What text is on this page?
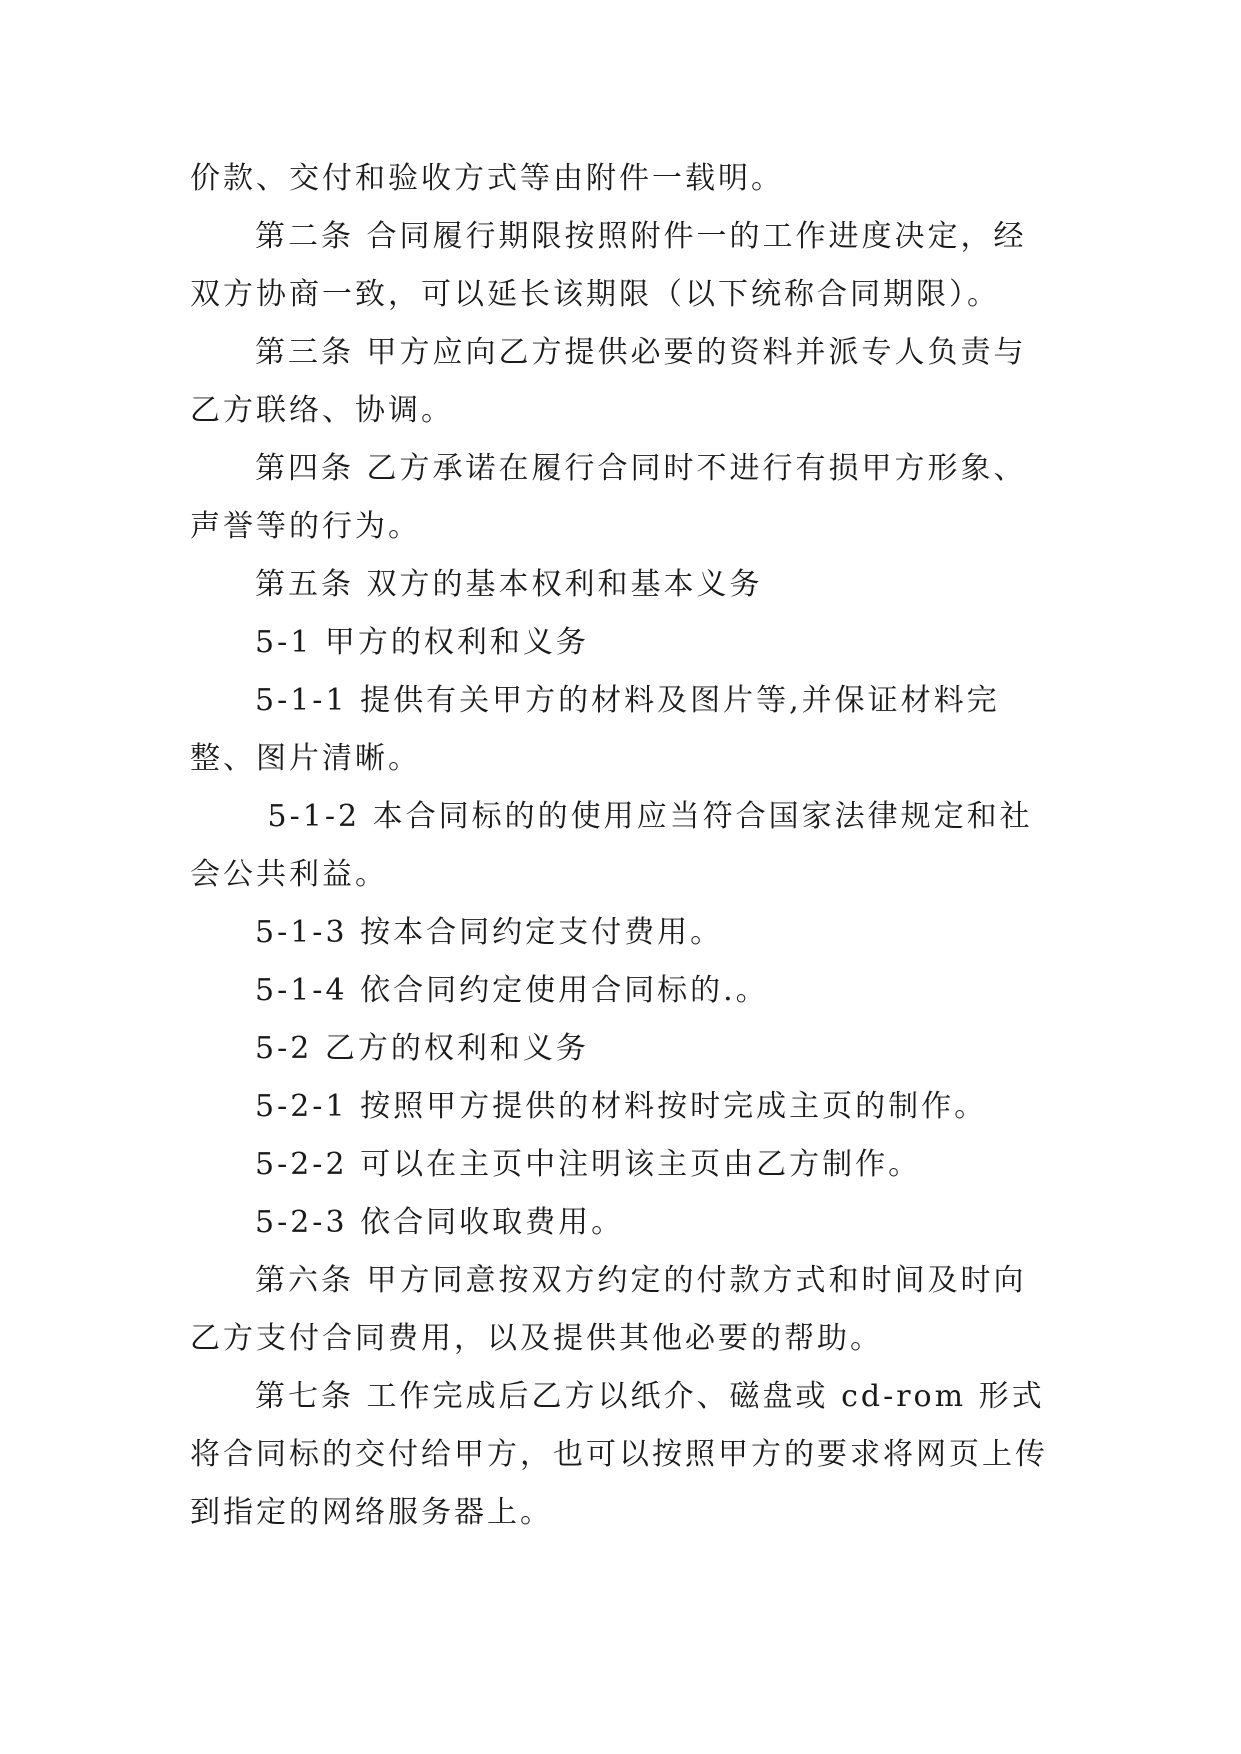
价款、交付和验收方式等由附件一载明。

第二条 合同履行期限按照附件一的工作进度决定，经双方协商一致，可以延长该期限（以下统称合同期限）。

第三条 甲方应向乙方提供必要的资料并派专人负责与乙方联络、协调。

第四条 乙方承诺在履行合同时不进行有损甲方形象、声誉等的行为。

第五条 双方的基本权利和基本义务

5-1 甲方的权利和义务

5-1-1 提供有关甲方的材料及图片等,并保证材料完整、图片清晰。

5-1-2 本合同标的的使用应当符合国家法律规定和社会公共利益。

5-1-3 按本合同约定支付费用。

5-1-4 依合同约定使用合同标的.。

5-2 乙方的权利和义务

5-2-1 按照甲方提供的材料按时完成主页的制作。

5-2-2 可以在主页中注明该主页由乙方制作。

5-2-3 依合同收取费用。

第六条 甲方同意按双方约定的付款方式和时间及时向乙方支付合同费用，以及提供其他必要的帮助。

第七条 工作完成后乙方以纸介、磁盘或 cd-rom 形式将合同标的交付给甲方，也可以按照甲方的要求将网页上传到指定的网络服务器上。
